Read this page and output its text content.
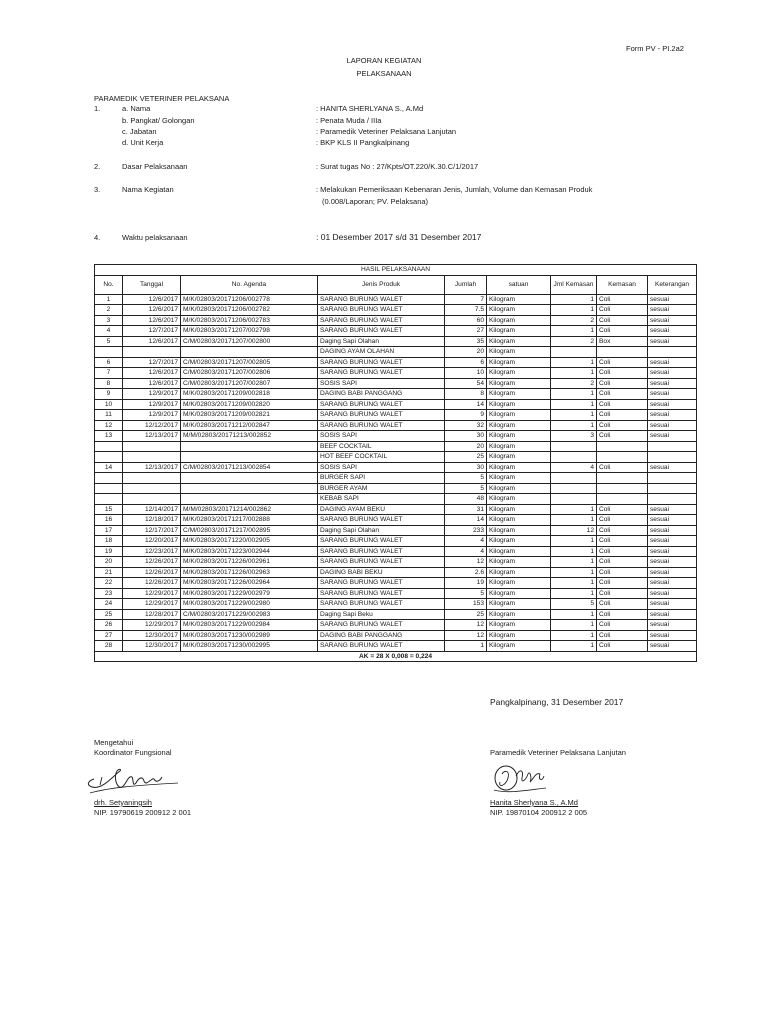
Form PV - PI.2a2
LAPORAN KEGIATAN
PELAKSANAAN
PARAMEDIK VETERINER PELAKSANA
1.	a. Nama	: HANITA SHERLYANA S., A.Md
b. Pangkat/ Golongan	: Penata Muda / IIIa
c. Jabatan	: Paramedik Veteriner Pelaksana Lanjutan
d. Unit Kerja	: BKP KLS II Pangkalpinang
2.	Dasar Pelaksanaan	: Surat tugas No : 27/Kpts/OT.220/K.30.C/1/2017
3.	Nama Kegiatan	: Melakukan Pemeriksaan Kebenaran Jenis, Jumlah, Volume dan Kemasan Produk
(0.008/Laporan; PV. Pelaksana)
4.	Waktu pelaksanaan	: 01 Desember 2017 s/d 31 Desember 2017
HASIL PELAKSANAAN								
No.	Tanggal	No. Agenda	Jenis Produk	Jumlah	satuan	Jml Kemasan	Kemasan	Keterangan
1	12/6/2017	M/K/02803/20171206/002778	SARANG BURUNG WALET	7	Kilogram	1	Coli	sesuai
2	12/6/2017	M/K/02803/20171206/002782	SARANG BURUNG WALET	7.5	Kilogram	1	Coli	sesuai
3	12/6/2017	M/K/02803/20171206/002783	SARANG BURUNG WALET	60	Kilogram	2	Coli	sesuai
4	12/7/2017	M/K/02803/20171207/002798	SARANG BURUNG WALET	27	Kilogram	1	Coli	sesuai
5	12/6/2017	C/M/02803/20171207/002800	Daging Sapi Olahan	35	Kilogram	2	Box	sesuai
			DAGING AYAM OLAHAN	20	Kilogram			
6	12/7/2017	C/M/02803/20171207/002805	SARANG BURUNG WALET	6	Kilogram	1	Coli	sesuai
7	12/6/2017	C/M/02803/20171207/002806	SARANG BURUNG WALET	10	Kilogram	1	Coli	sesuai
8	12/6/2017	C/M/02803/20171207/002807	SOSIS SAPI	54	Kilogram	2	Coli	sesuai
9	12/9/2017	M/K/02803/20171209/002818	DAGING BABI PANGGANG	8	Kilogram	1	Coli	sesuai
10	12/9/2017	M/K/02803/20171209/002820	SARANG BURUNG WALET	14	Kilogram	1	Coli	sesuai
11	12/9/2017	M/K/02803/20171209/002821	SARANG BURUNG WALET	9	Kilogram	1	Coli	sesuai
12	12/12/2017	M/K/02803/20171212/002847	SARANG BURUNG WALET	32	Kilogram	1	Coli	sesuai
13	12/13/2017	M/M/02803/20171213/002852	SOSIS SAPI	30	Kilogram	3	Coli	sesuai
			BEEF COCKTAIL	20	Kilogram			
			HOT BEEF COCKTAIL	25	Kilogram			
14	12/13/2017	C/M/02803/20171213/002854	SOSIS SAPI	30	Kilogram	4	Coli	sesuai
			BURGER SAPI	5	Kilogram			
			BURGER AYAM	5	Kilogram			
			KEBAB SAPI	48	Kilogram			
15	12/14/2017	M/M/02803/20171214/002862	DAGING AYAM BEKU	31	Kilogram	1	Coli	sesuai
16	12/18/2017	M/K/02803/20171217/002888	SARANG BURUNG WALET	14	Kilogram	1	Coli	sesuai
17	12/17/2017	C/M/02803/20171217/002895	Daging Sapi Olahan	233	Kilogram	12	Coli	sesuai
18	12/20/2017	M/K/02803/20171220/002905	SARANG BURUNG WALET	4	Kilogram	1	Coli	sesuai
19	12/23/2017	M/K/02803/20171223/002944	SARANG BURUNG WALET	4	Kilogram	1	Coli	sesuai
20	12/26/2017	M/K/02803/20171226/002961	SARANG BURUNG WALET	12	Kilogram	1	Coli	sesuai
21	12/26/2017	M/K/02803/20171226/002963	DAGING BABI BEKU	2.6	Kilogram	1	Coli	sesuai
22	12/26/2017	M/K/02803/20171226/002964	SARANG BURUNG WALET	19	Kilogram	1	Coli	sesuai
23	12/29/2017	M/K/02803/20171229/002979	SARANG BURUNG WALET	5	Kilogram	1	Coli	sesuai
24	12/29/2017	M/K/02803/20171229/002980	SARANG BURUNG WALET	153	Kilogram	5	Coli	sesuai
25	12/28/2017	C/M/02803/20171229/002983	Daging Sapi Beku	25	Kilogram	1	Coli	sesuai
26	12/29/2017	M/K/02803/20171229/002984	SARANG BURUNG WALET	12	Kilogram	1	Coli	sesuai
27	12/30/2017	M/K/02803/20171230/002989	DAGING BABI PANGGANG	12	Kilogram	1	Coli	sesuai
28	12/30/2017	M/K/02803/20171230/002995	SARANG BURUNG WALET	1	Kilogram	1	Coli	sesuai
AK = 28 X 0,008 = 0,224								
Pangkalpinang, 31 Desember 2017
Mengetahui
Koordinator Fungsional
drh. Setyaningsih
NIP. 19790619 200912 2 001
Paramedik Veteriner Pelaksana Lanjutan
Hanita Sherlyana S., A.Md
NIP. 19870104 200912 2 005
